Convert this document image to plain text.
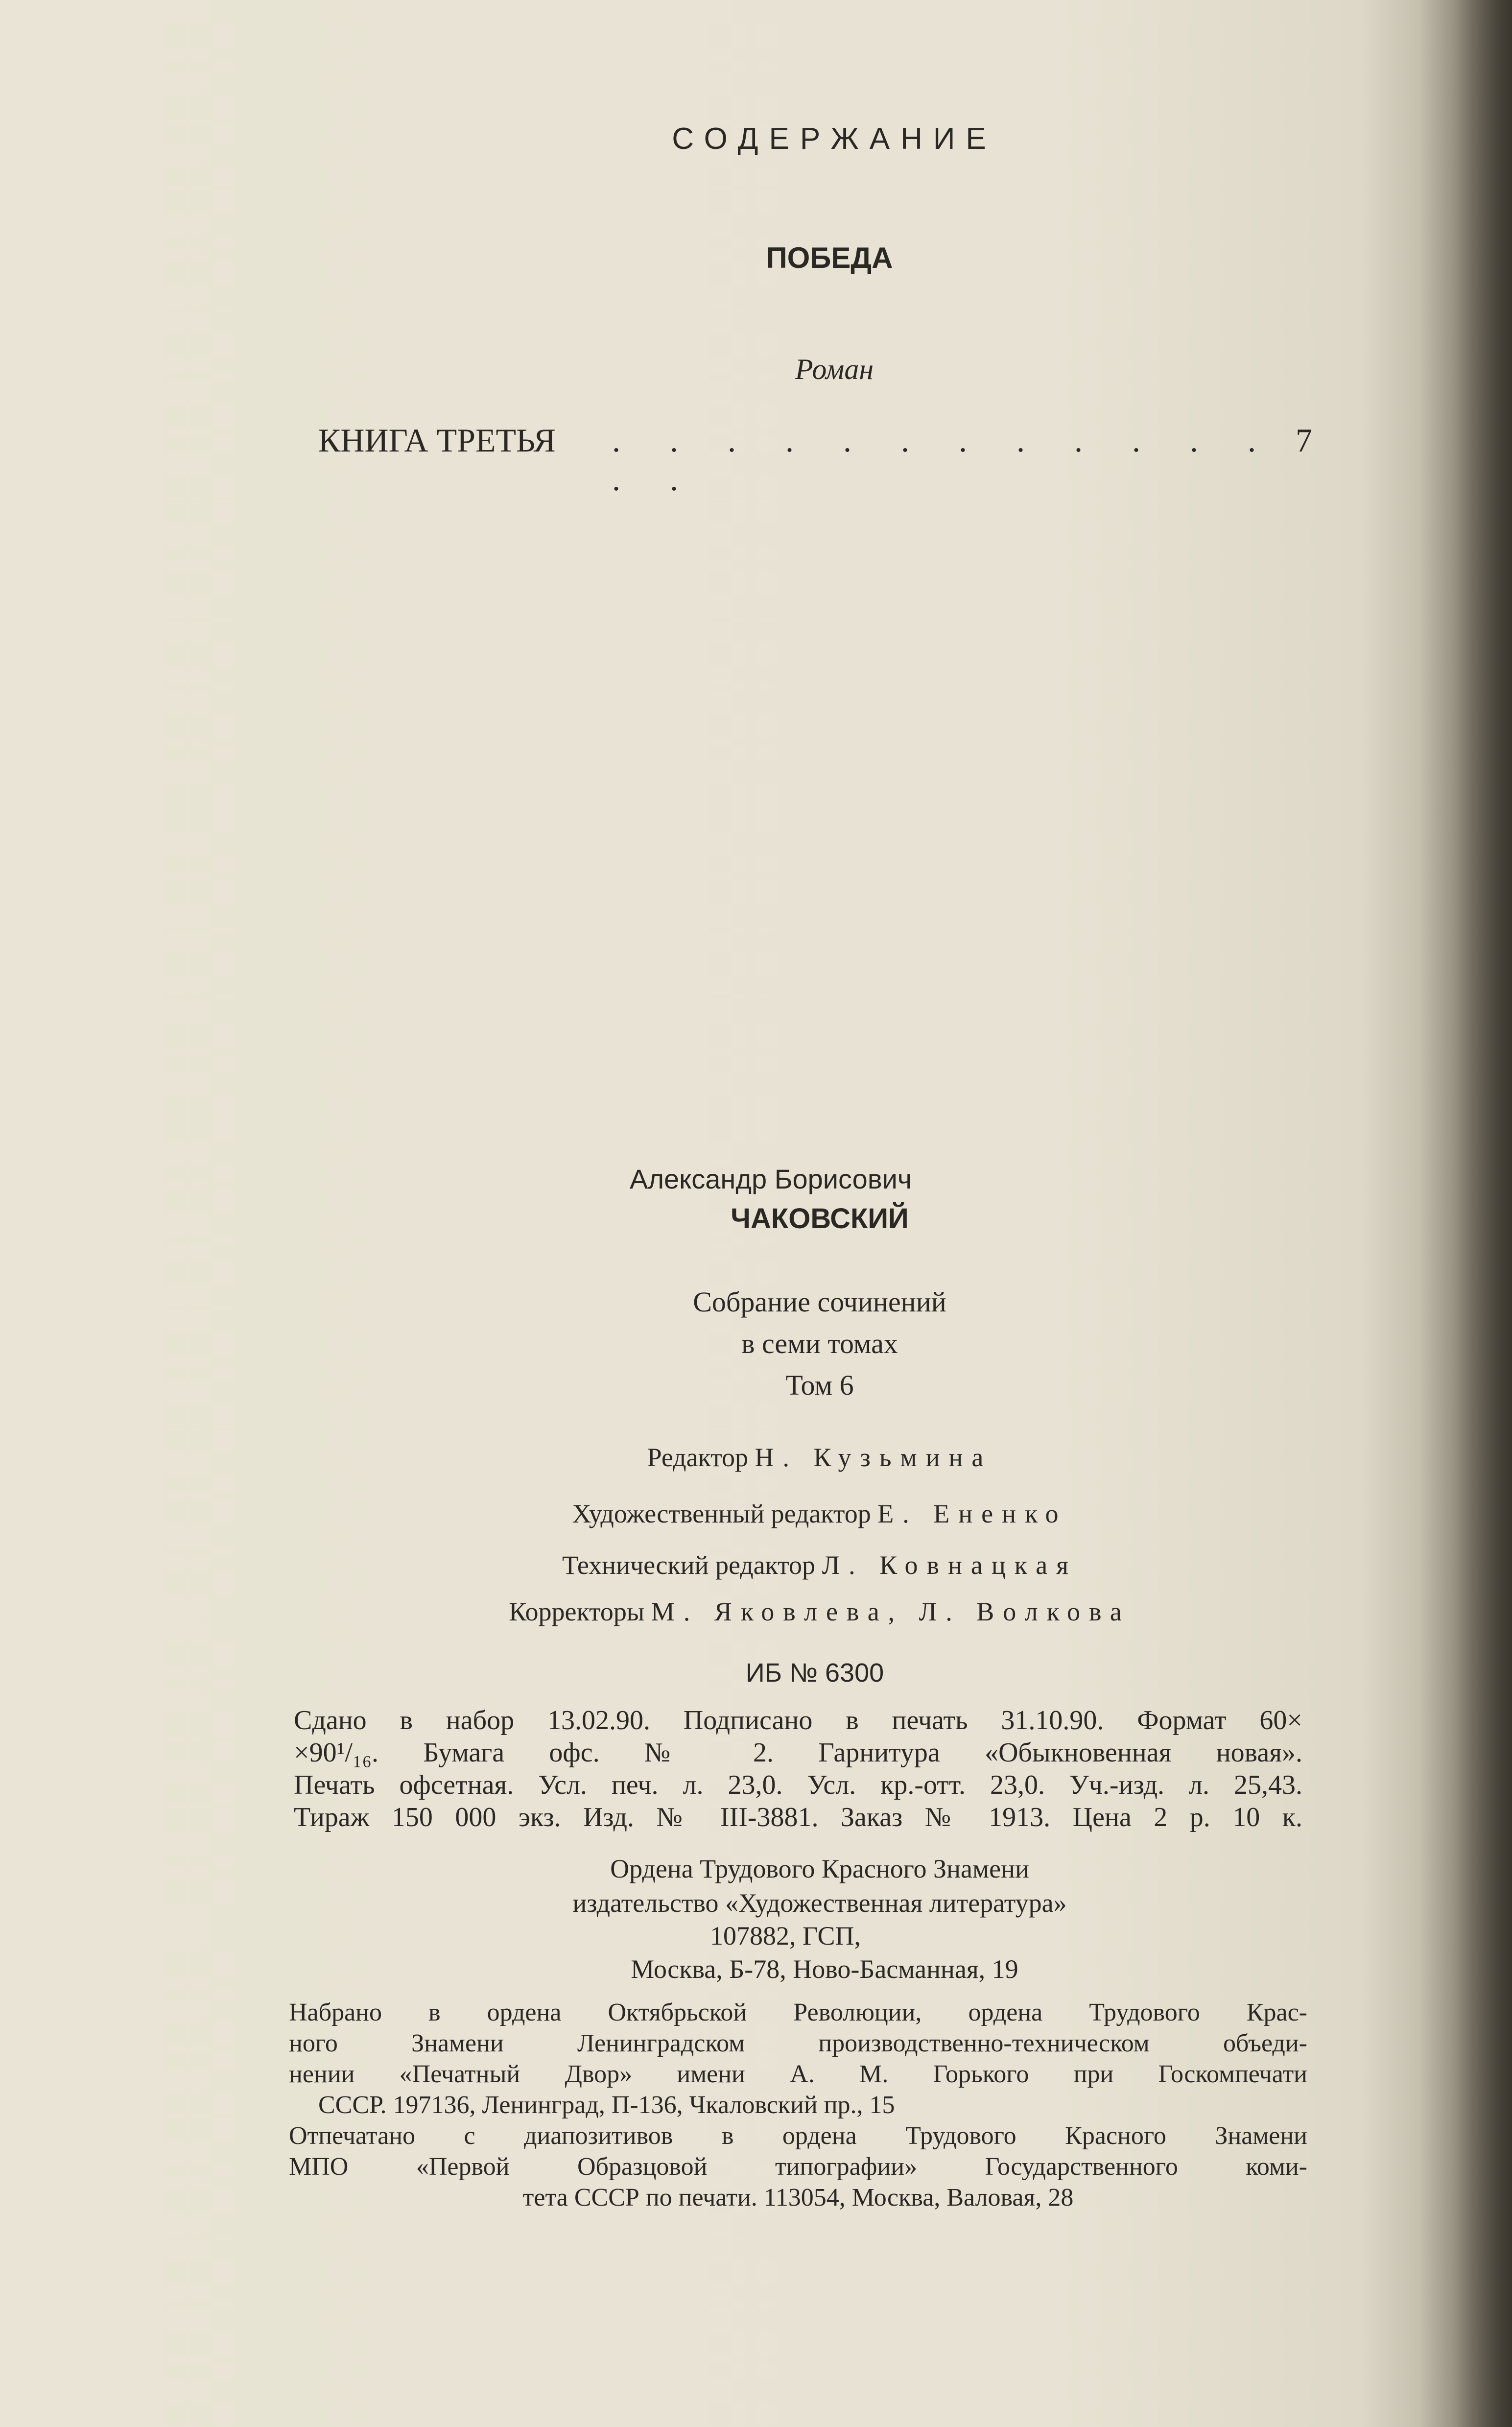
СОДЕРЖАНИЕ

ПОБЕДА

Роман

КНИГА ТРЕТЬЯ . . . . . . . . . . . . . .
7

Александр Борисович

ЧАКОВСКИЙ

Собрание сочинений

в семи томах

Том 6

Редактор Н. Кузьмина

Художественный редактор Е. Ененко

Технический редактор Л. Ковнацкая

Корректоры М. Яковлева, Л. Волкова

ИБ № 6300

Сдано в набор 13.02.90. Подписано в печать 31.10.90. Формат 60×
×90¹/₁₆. Бумага офс. № 2. Гарнитура «Обыкновенная новая».
Печать офсетная. Усл. печ. л. 23,0. Усл. кр.-отт. 23,0. Уч.-изд. л. 25,43.
Тираж 150 000 экз. Изд. № III-3881. Заказ № 1913. Цена 2 р. 10 к.

Ордена Трудового Красного Знамени

издательство «Художественная литература»

107882, ГСП,

Москва, Б-78, Ново-Басманная, 19

Набрано в ордена Октябрьской Революции, ордена Трудового Крас-
ного Знамени Ленинградском производственно-техническом объеди-
нении «Печатный Двор» имени А. М. Горького при Госкомпечати
СССР. 197136, Ленинград, П-136, Чкаловский пр., 15
Отпечатано с диапозитивов в ордена Трудового Красного Знамени
МПО «Первой Образцовой типографии» Государственного коми-
тета СССР по печати. 113054, Москва, Валовая, 28
